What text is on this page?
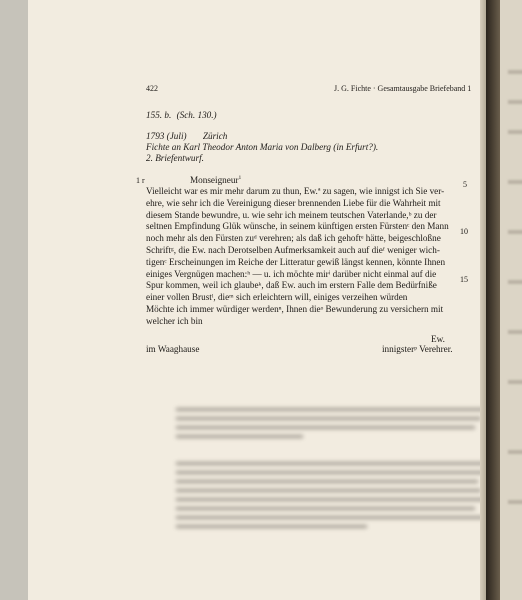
422	J. G. Fichte · Gesamtausgabe Briefeband 1
155. b. (Sch. 130.)
1793 (Juli) Zürich
Fichte an Karl Theodor Anton Maria von Dalberg (in Erfurt?).
2. Briefentwurf.
1 r	5
10
15
Monseigneur$^1$
Vielleicht war es mir mehr darum zu thun, Ew.ª zu sagen, wie innigst ich Sie ver-
ehre, wie sehr ich die Vereinigung dieser brennenden Liebe für die Wahrheit mit
diesem Stande bewundre, u. wie sehr ich meinem teutschen Vaterlande,ᵇ zu der
seltnen Empfindung Glük wünsche, in seinem künftigen ersten Fürstenᶜ den Mann
noch mehr als den Fürsten zuᵈ verehren; als daß ich gehoftᵉ hätte, beigeschloßne
Schriftᵍ, die Ew. nach Derotselben Aufmerksamkeit auch auf dieᶠ weniger wich-
tigenᶜ Erscheinungen im Reiche der Litteratur gewiß längst kennen, könnte Ihnen
einiges Vergnügen machen:ʰ — u. ich möchte mirⁱ darüber nicht einmal auf die
Spur kommen, weil ich glaubeᵏ, daß Ew. auch im erstern Falle dem Bedürfniße
einer vollen Brustˡ, dieᵐ sich erleichtern will, einiges verzeihen würden
Möchte ich immer würdiger werdenⁿ, Ihnen dieᵒ Bewunderung zu versichern mit
welcher ich bin
Ew.
im Waaghause	innigsterᵖ Verehrer.
